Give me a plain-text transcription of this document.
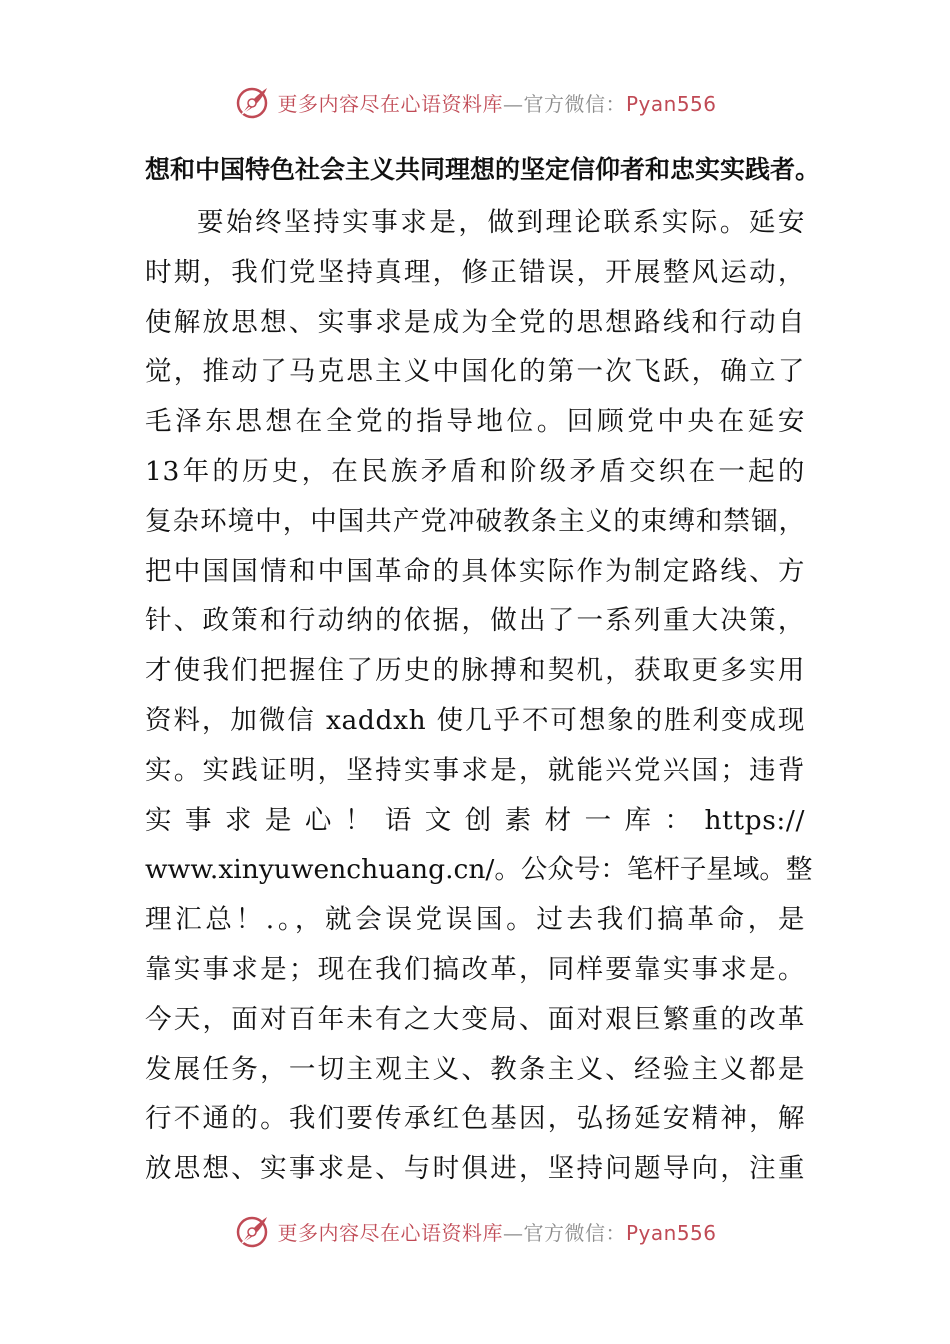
更多内容尽在心语资料库—官方微信：Pyan556
想和中国特色社会主义共同理想的坚定信仰者和忠实实践者。
要始终坚持实事求是，做到理论联系实际。延安
时期，我们党坚持真理，修正错误，开展整风运动，
使解放思想、实事求是成为全党的思想路线和行动自
觉，推动了马克思主义中国化的第一次飞跃，确立了
毛泽东思想在全党的指导地位。回顾党中央在延安
13年的历史，在民族矛盾和阶级矛盾交织在一起的
复杂环境中，中国共产党冲破教条主义的束缚和禁锢，
把中国国情和中国革命的具体实际作为制定路线、方
针、政策和行动纳的依据，做出了一系列重大决策，
才使我们把握住了历史的脉搏和契机，获取更多实用
资料，加微信 xaddxh 使几乎不可想象的胜利变成现
实。实践证明，坚持实事求是，就能兴党兴国；违背
实事求是心！语文创素材一库：https://
www.xinyuwenchuang.cn/。公众号：笔杆子星域。整
理汇总！.。，就会误党误国。过去我们搞革命，是
靠实事求是；现在我们搞改革，同样要靠实事求是。
今天，面对百年未有之大变局、面对艰巨繁重的改革
发展任务，一切主观主义、教条主义、经验主义都是
行不通的。我们要传承红色基因，弘扬延安精神，解
放思想、实事求是、与时俱进，坚持问题导向，注重
更多内容尽在心语资料库—官方微信：Pyan556
